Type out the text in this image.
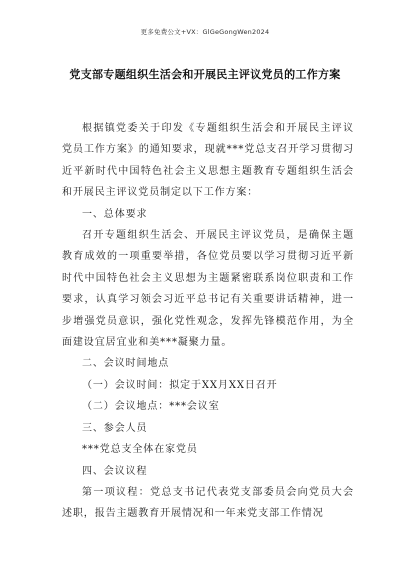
更多免费公文+VX：GlGeGongWen2024
党支部专题组织生活会和开展民主评议党员的工作方案

根据镇党委关于印发《专题组织生活会和开展民主评议党员工作方案》的通知要求，现就***党总支召开学习贯彻习近平新时代中国特色社会主义思想主题教育专题组织生活会和开展民主评议党员制定以下工作方案：

一、总体要求

召开专题组织生活会、开展民主评议党员，是确保主题教育成效的一项重要举措，各位党员要以学习贯彻习近平新时代中国特色社会主义思想为主题紧密联系岗位职责和工作要求，认真学习领会习近平总书记有关重要讲话精神，进一步增强党员意识，强化党性观念，发挥先锋模范作用，为全面建设宜居宜业和美***凝聚力量。

二、会议时间地点

（一）会议时间：拟定于XX月XX日召开

（二）会议地点：***会议室

三、参会人员

***党总支全体在家党员

四、会议议程

第一项议程：党总支书记代表党支部委员会向党员大会述职，报告主题教育开展情况和一年来党支部工作情况
